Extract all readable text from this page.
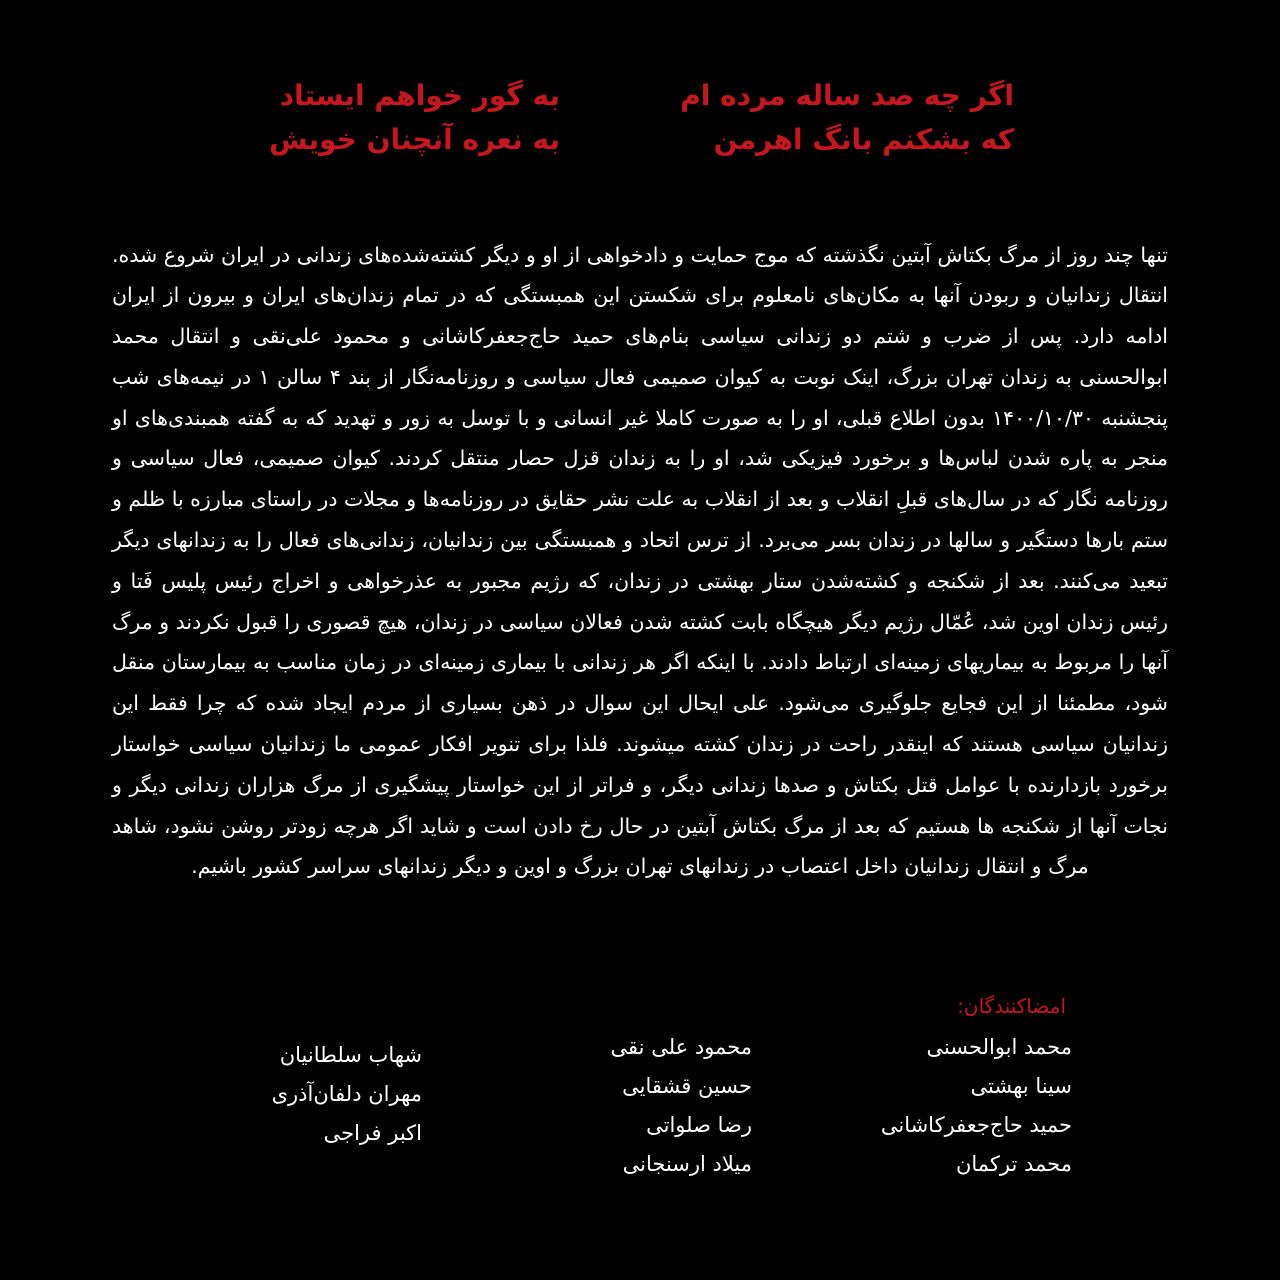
اگر چه صد ساله مرده ام
که بشکنم بانگ اهرمن
به گور خواهم ایستاد
به نعره آنچنان خویش

تنها چند روز از مرگ بکتاش آبتین نگذشته که موج حمایت و دادخواهی از او و دیگر کشته‌شده‌های زندانی در ایران شروع شده. انتقال زندانیان و ربودن آنها به مکان‌های نامعلوم برای شکستن این همبستگی که در تمام زندان‌های ایران و بیرون از ایران ادامه دارد. پس از ضرب و شتم دو زندانی سیاسی بنام‌های حمید حاج‌جعفرکاشانی و محمود علی‌نقی و انتقال محمد ابوالحسنی به زندان تهران بزرگ، اینک نوبت به کیوان صمیمی فعال سیاسی و روزنامه‌نگار از بند ۴ سالن ۱ در نیمه‌های شب پنجشنبه ۱۴۰۰/۱۰/۳۰ بدون اطلاع قبلی، او را به صورت کاملا غیر انسانی و با توسل به زور و تهدید که به گفته همبندی‌های او منجر به پاره شدن لباس‌ها و برخورد فیزیکی شد، او را به زندان قزل حصار منتقل کردند. کیوان صمیمی، فعال سیاسی و روزنامه نگار که در سال‌های قبلِ انقلاب و بعد از انقلاب به علت نشر حقایق در روزنامه‌ها و مجلات در راستای مبارزه با ظلم و ستم بارها دستگیر و سالها در زندان بسر می‌برد. از ترس اتحاد و همبستگی بین زندانیان، زندانی‌های فعال را به زندانهای دیگر تبعید می‌کنند. بعد از شکنجه و کشته‌شدن ستار بهشتی در زندان، که رژیم مجبور به عذرخواهی و اخراج رئیس پلیس فَتا و رئیس زندان اوین شد، عُمّال رژیم دیگر هیچگاه بابت کشته شدن فعالان سیاسی در زندان، هیچ قصوری را قبول نکردند و مرگ آنها را مربوط به بیماریهای زمینه‌ای ارتباط دادند. با اینکه اگر هر زندانی با بیماری زمینه‌ای در زمان مناسب به بیمارستان منقل شود، مطمئنا از این فجایع جلوگیری می‌شود. علی ایحال این سوال در ذهن بسیاری از مردم ایجاد شده که چرا فقط این زندانیان سیاسی هستند که اینقدر راحت در زندان کشته میشوند. فلذا برای تنویر افکار عمومی ما زندانیان سیاسی خواستار برخورد بازدارنده با عوامل قتل بکتاش و صدها زندانی دیگر، و فراتر از این خواستار پیشگیری از مرگ هزاران زندانی دیگر و نجات آنها از شکنجه ها هستیم که بعد از مرگ بکتاش آبتین در حال رخ دادن است و شاید اگر هرچه زودتر روشن نشود، شاهد مرگ و انتقال زندانیان داخل اعتصاب در زندانهای تهران بزرگ و اوین و دیگر زندانهای سراسر کشور باشیم.

امضاکنندگان:
محمد ابوالحسنی
سینا بهشتی
حمید حاج‌جعفرکاشانی
محمد ترکمان
محمود علی نقی
حسین قشقایی
رضا صلواتی
میلاد ارسنجانی
شهاب سلطانیان
مهران دلفان‌آذری
اکبر فراجی
